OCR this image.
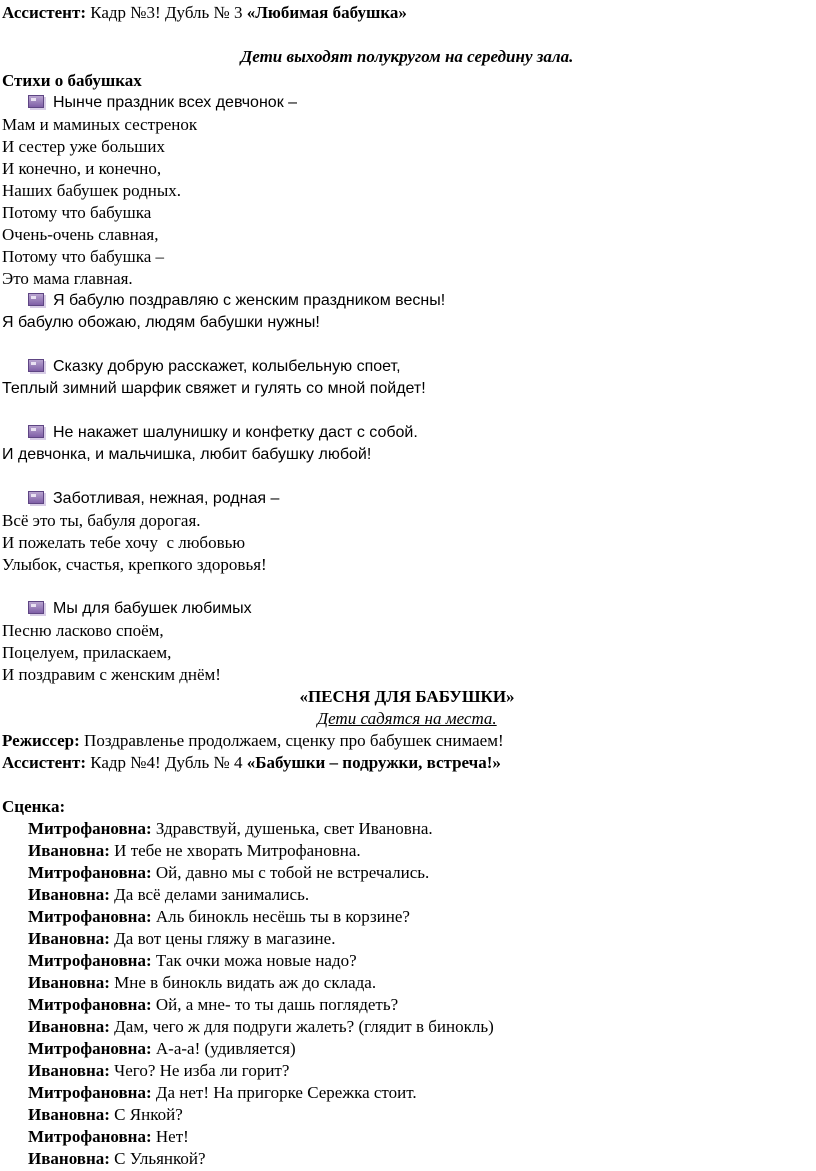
Ассистент: Кадр №3! Дубль № 3 «Любимая бабушка»
Дети выходят полукругом на середину зала.
Стихи о бабушках
Нынче праздник всех девчонок –
Мам и маминых сестренок
И сестер уже больших
И конечно, и конечно,
Наших бабушек родных.
Потому что бабушка
Очень-очень славная,
Потому что бабушка –
Это мама главная.
Я бабулю поздравляю с женским праздником весны!
Я бабулю обожаю, людям бабушки нужны!
Сказку добрую расскажет, колыбельную споет,
Теплый зимний шарфик свяжет и гулять со мной пойдет!
Не накажет шалунишку и конфетку даст с собой.
И девчонка, и мальчишка, любит бабушку любой!
Заботливая, нежная, родная –
Всё это ты, бабуля дорогая.
И пожелать тебе хочу  с любовью
Улыбок, счастья, крепкого здоровья!
Мы для бабушек любимых
Песню ласково споём,
Поцелуем, приласкаем,
И поздравим с женским днём!
«ПЕСНЯ ДЛЯ БАБУШКИ»
Дети садятся на места.
Режиссер: Поздравленье продолжаем, сценку про бабушек снимаем!
Ассистент: Кадр №4! Дубль № 4 «Бабушки – подружки, встреча!»
Сценка:
Митрофановна: Здравствуй, душенька, свет Ивановна.
Ивановна: И тебе не хворать Митрофановна.
Митрофановна: Ой, давно мы с тобой не встречались.
Ивановна: Да всё делами занимались.
Митрофановна: Аль бинокль несёшь ты в корзине?
Ивановна: Да вот цены гляжу в магазине.
Митрофановна: Так очки можа новые надо?
Ивановна: Мне в бинокль видать аж до склада.
Митрофановна: Ой, а мне- то ты дашь поглядеть?
Ивановна: Дам, чего ж для подруги жалеть? (глядит в бинокль)
Митрофановна: А-а-а! (удивляется)
Ивановна: Чего? Не изба ли горит?
Митрофановна: Да нет! На пригорке Сережка стоит.
Ивановна: С Янкой?
Митрофановна: Нет!
Ивановна: С Ульянкой?
